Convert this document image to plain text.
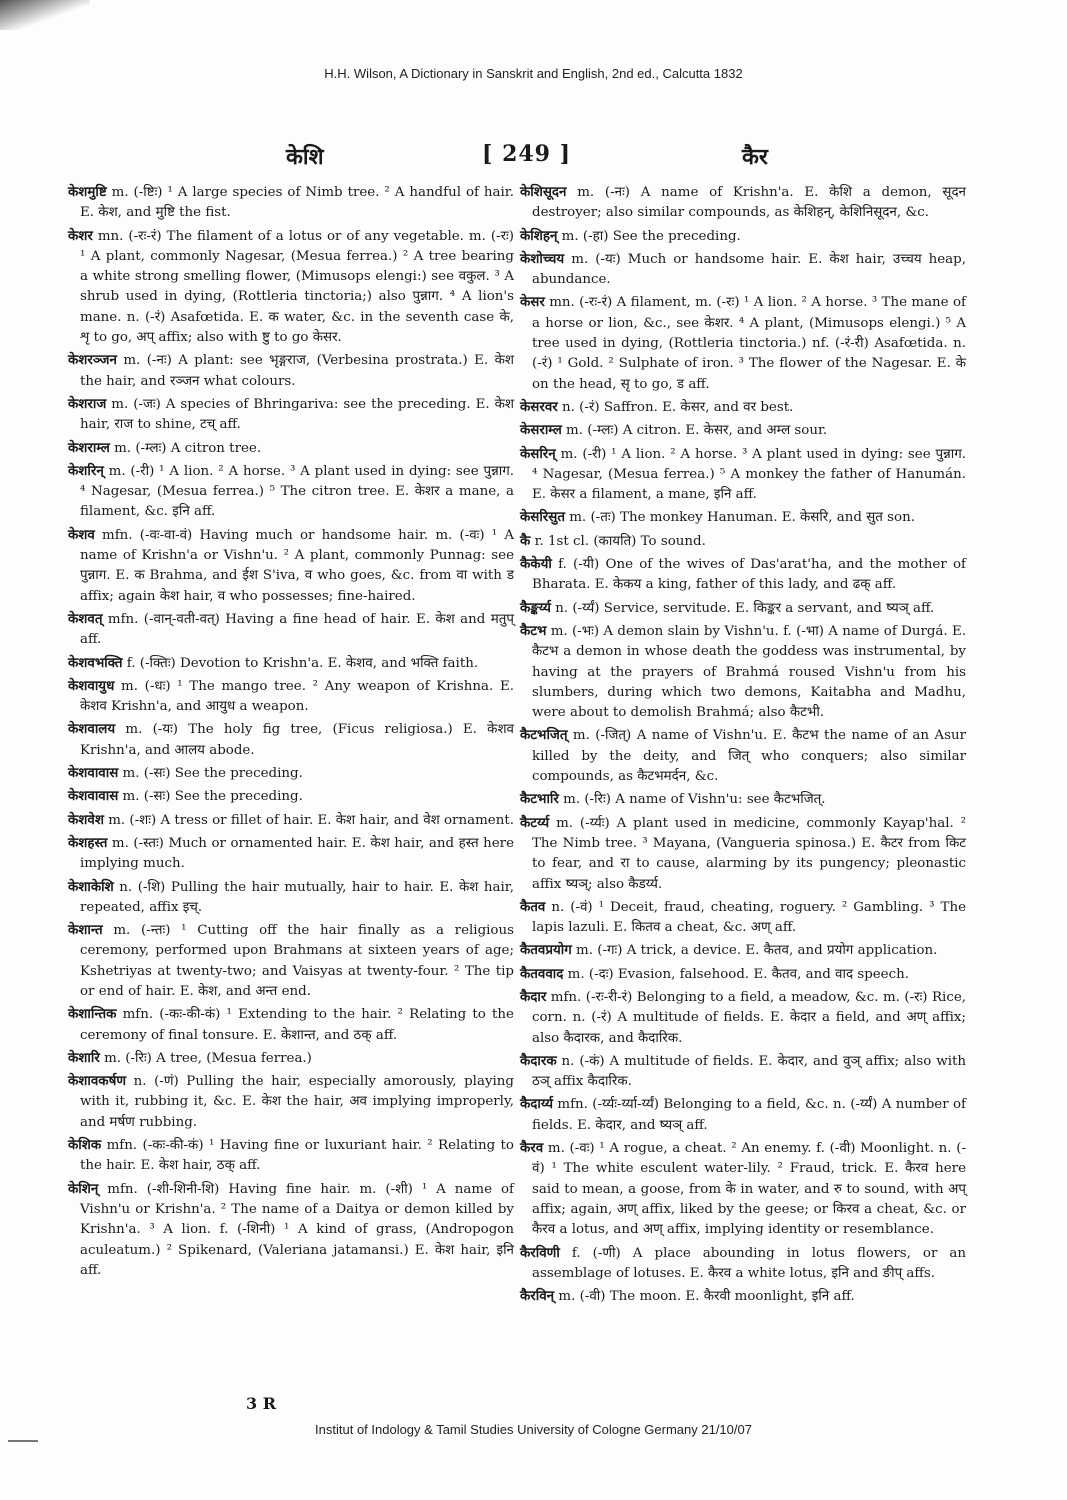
H.H. Wilson, A Dictionary in Sanskrit and English, 2nd ed., Calcutta 1832
केशि	[ 249 ]	कैर

केशमुष्टि m. (-ष्टिः) ¹ A large species of Nimb tree. ² A handful of hair. E. केश, and मुष्टि the fist.

केशर mn. (-रः-रं) The filament of a lotus or of any vegetable. m. (-रः) ¹ A plant, commonly Nagesar, (Mesua ferrea.) ² A tree bearing a white strong smelling flower, (Mimusops elengi:) see वकुल. ³ A shrub used in dying, (Rottleria tinctoria;) also पुन्नाग. ⁴ A lion's mane. n. (-रं) Asafœtida. E. क water, &c. in the seventh case के, शृ to go, अप् affix; also with ष्टु to go केसर.

केशरञ्जन m. (-नः) A plant: see भृङ्गराज, (Verbesina prostrata.) E. केश the hair, and रञ्जन what colours.

केशराज m. (-जः) A species of Bhringariva: see the preceding. E. केश hair, राज to shine, टच् aff.

केशराम्ल m. (-म्लः) A citron tree.

केशरिन् m. (-री) ¹ A lion. ² A horse. ³ A plant used in dying: see पुन्नाग. ⁴ Nagesar, (Mesua ferrea.) ⁵ The citron tree. E. केशर a mane, a filament, &c. इनि aff.

केशव mfn. (-वः-वा-वं) Having much or handsome hair. m. (-वः) ¹ A name of Krishn'a or Vishn'u. ² A plant, commonly Punnag: see पुन्नाग. E. क Brahma, and ईश S'iva, व who goes, &c. from वा with ड affix; again केश hair, व who possesses; fine-haired.

केशवत् mfn. (-वान्-वती-वत्) Having a fine head of hair. E. केश and मतुप् aff.

केशवभक्ति f. (-क्तिः) Devotion to Krishn'a. E. केशव, and भक्ति faith.

केशवायुध m. (-धः) ¹ The mango tree. ² Any weapon of Krishna. E. केशव Krishn'a, and आयुध a weapon.

केशवालय m. (-यः) The holy fig tree, (Ficus religiosa.) E. केशव Krishn'a, and आलय abode.

केशवावास m. (-सः) See the preceding.

केशवावास m. (-सः) See the preceding.

केशवेश m. (-शः) A tress or fillet of hair. E. केश hair, and वेश ornament.

केशहस्त m. (-स्तः) Much or ornamented hair. E. केश hair, and हस्त here implying much.

केशाकेशि n. (-शि) Pulling the hair mutually, hair to hair. E. केश hair, repeated, affix इच्.

केशान्त m. (-न्तः) ¹ Cutting off the hair finally as a religious ceremony, performed upon Brahmans at sixteen years of age; Kshetriyas at twenty-two; and Vaisyas at twenty-four. ² The tip or end of hair. E. केश, and अन्त end.

केशान्तिक mfn. (-कः-की-कं) ¹ Extending to the hair. ² Relating to the ceremony of final tonsure. E. केशान्त, and ठक् aff.

केशारि m. (-रिः) A tree, (Mesua ferrea.)

केशावकर्षण n. (-णं) Pulling the hair, especially amorously, playing with it, rubbing it, &c. E. केश the hair, अव implying improperly, and मर्षण rubbing.

केशिक mfn. (-कः-की-कं) ¹ Having fine or luxuriant hair. ² Relating to the hair. E. केश hair, ठक् aff.

केशिन् mfn. (-शी-शिनी-शि) Having fine hair. m. (-शी) ¹ A name of Vishn'u or Krishn'a. ² The name of a Daitya or demon killed by Krishn'a. ³ A lion. f. (-शिनी) ¹ A kind of grass, (Andropogon aculeatum.) ² Spikenard, (Valeriana jatamansi.) E. केश hair, इनि aff.

केशिसूदन m. (-नः) A name of Krishn'a. E. केशि a demon, सूदन destroyer; also similar compounds, as केशिहन्, केशिनिसूदन, &c.

केशिहन् m. (-हा) See the preceding.

केशोच्चय m. (-यः) Much or handsome hair. E. केश hair, उच्चय heap, abundance.

केसर mn. (-रः-रं) A filament, m. (-रः) ¹ A lion. ² A horse. ³ The mane of a horse or lion, &c., see केशर. ⁴ A plant, (Mimusops elengi.) ⁵ A tree used in dying, (Rottleria tinctoria.) nf. (-रं-री) Asafœtida. n. (-रं) ¹ Gold. ² Sulphate of iron. ³ The flower of the Nagesar. E. के on the head, सृ to go, ड aff.

केसरवर n. (-रं) Saffron. E. केसर, and वर best.

केसराम्ल m. (-म्लः) A citron. E. केसर, and अम्ल sour.

केसरिन् m. (-री) ¹ A lion. ² A horse. ³ A plant used in dying: see पुन्नाग. ⁴ Nagesar, (Mesua ferrea.) ⁵ A monkey the father of Hanumán. E. केसर a filament, a mane, इनि aff.

केसरिसुत m. (-तः) The monkey Hanuman. E. केसरि, and सुत son.

कै r. 1st cl. (कायति) To sound.

कैकेयी f. (-यी) One of the wives of Das'arat'ha, and the mother of Bharata. E. केकय a king, father of this lady, and ढक् aff.

कैङ्कर्य्य n. (-र्य्यं) Service, servitude. E. किङ्कर a servant, and ष्यञ् aff.

कैटभ m. (-भः) A demon slain by Vishn'u. f. (-भा) A name of Durgá. E. कैटभ a demon in whose death the goddess was instrumental, by having at the prayers of Brahmá roused Vishn'u from his slumbers, during which two demons, Kaitabha and Madhu, were about to demolish Brahmá; also कैटभी.

कैटभजित् m. (-जित्) A name of Vishn'u. E. कैटभ the name of an Asur killed by the deity, and जित् who conquers; also similar compounds, as कैटभमर्दन, &c.

कैटभारि m. (-रिः) A name of Vishn'u: see कैटभजित्.

कैटर्य्य m. (-र्य्यः) A plant used in medicine, commonly Kayap'hal. ² The Nimb tree. ³ Mayana, (Vangueria spinosa.) E. कैटर from किट to fear, and रा to cause, alarming by its pungency; pleonastic affix ष्यञ्; also कैडर्य्य.

कैतव n. (-वं) ¹ Deceit, fraud, cheating, roguery. ² Gambling. ³ The lapis lazuli. E. कितव a cheat, &c. अण् aff.

कैतवप्रयोग m. (-गः) A trick, a device. E. कैतव, and प्रयोग application.

कैतववाद m. (-दः) Evasion, falsehood. E. कैतव, and वाद speech.

कैदार mfn. (-रः-री-रं) Belonging to a field, a meadow, &c. m. (-रः) Rice, corn. n. (-रं) A multitude of fields. E. केदार a field, and अण् affix; also कैदारक, and कैदारिक.

कैदारक n. (-कं) A multitude of fields. E. केदार, and वुञ् affix; also with ठञ् affix कैदारिक.

कैदार्य्य mfn. (-र्य्यः-र्य्या-र्य्यं) Belonging to a field, &c. n. (-र्य्यं) A number of fields. E. केदार, and ष्यञ् aff.

कैरव m. (-वः) ¹ A rogue, a cheat. ² An enemy. f. (-वी) Moonlight. n. (-वं) ¹ The white esculent water-lily. ² Fraud, trick. E. कैरव here said to mean, a goose, from के in water, and रु to sound, with अप् affix; again, अण् affix, liked by the geese; or किरव a cheat, &c. or कैरव a lotus, and अण् affix, implying identity or resemblance.

कैरविणी f. (-णी) A place abounding in lotus flowers, or an assemblage of lotuses. E. कैरव a white lotus, इनि and ङीप् affs.

कैरविन् m. (-वी) The moon. E. कैरवी moonlight, इनि aff.

3 R
Institut of Indology & Tamil Studies University of Cologne Germany 21/10/07
